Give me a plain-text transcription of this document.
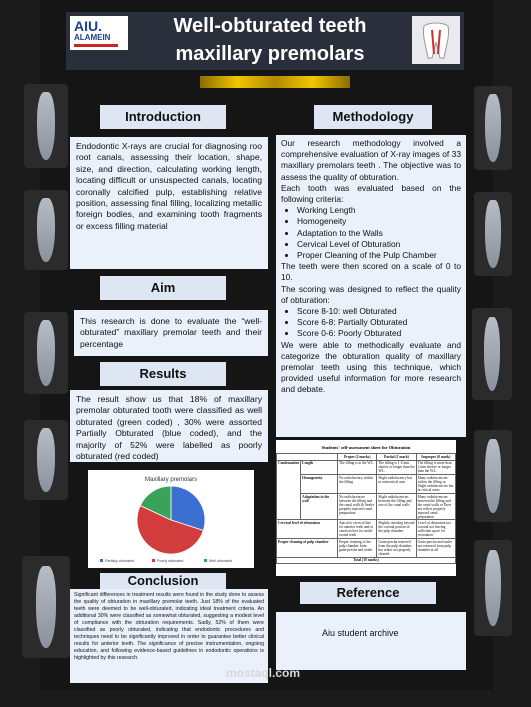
AIU.
ALAMEIN
Well-obturated teeth
maxillary premolars
Introduction
Endodontic X-rays are crucial for diagnosing roo root canals, assessing their location, shape, size, and direction, calculating working length, locating difficult or unsuspected canals, locating coronally calcified pulp, establishing relative position, assessing final filling, localizing metallic foreign bodies, and examining tooth fragments or excess filling material
Aim
This research is done to evaluate the “well- obturated” maxillary premolar teeth and their percentage
Results
The result show us that 18% of maxillary premolar obturated tooth were classified as well obturated (green coded) , 30% were assorted Partially Obturated (blue coded), and the majority of 52% were labelled as poorly obturated (red coded)
Maxillary premolars
Partially obturated	Poorly obturated	Well obturated
Conclusion
Significant differences in treatment results were found in the study done to assess the quality of obturation in maxillary premolar teeth. Just 18% of the evaluated teeth were deemed to be well-obturated, indicating ideal treatment criteria. An additional 30% were classified as somewhat obturated, suggesting a modest level of compliance with the obturation requirements. Sadly, 52% of them were classified as poorly obturated, indicating that endodontic procedures and techniques need to be significantly improved in order to guarantee better clinical results for anterior teeth. The significance of precise instrumentation, ongoing education, and following evidence-based guidelines in endodontic operations is highlighted by this research.
Methodology

Our research methodology involved a comprehensive evaluation of X-ray images of 33 maxillary premolars teeth . The objective was to assess the quality of obturation.

Each tooth was evaluated based on the following criteria:

• Working Length
• Homogeneity
• Adaptation to the Walls
• Cervical Level of Obturation
• Proper Cleaning of the Pulp Chamber

The teeth were then scored on a scale of 0 to 10.

The scoring was designed to reflect the quality of obturation:

• Score 8-10: well Obturated
• Score 6-8: Partially Obturated
• Score 0-6: Poorly Obturated

We were able to methodically evaluate and categorize the obturation quality of maxillary premolar teeth using this technique, which provided useful information for more research and debate.

Students' self-assessment sheet for Obturation
		Proper (2 marks)	Partial (1 mark)	Improper (0 mark)
Condensation	Length	The filling is at the W.L.	The filling is 1-2 mm shorter or longer than the W.L.	The filling is more than 2 mm shorter or longer than the W.L.
	Homogeneity	No radiolucency within the filling	Slight radiolucency but in nonvertical area	Many radiolucencies within the filling or Slight radiolucencies but in critical areas
	Adaptation to the wall	No radiolucencies between the filling and the canal walls & Sealer properly injected canal preparation	Slight radiolucencies between the filling and one of the canal walls	Many radiolucencies between the filling and the canal walls or Does not reflect properly injected canal preparation
Cervical level of obturation		Apical to cervical line for anterior teeth and at canal orifices for multi-rooted teeth	Slightly reaching beyond the coronal portion of the pulp chamber	Level of obturation too coronal not leaving sufficient space for restoration
Proper cleaning of pulp chamber		Proper cleaning of the pulp chamber from gutta-percha and sealer	Gutta-percha removed from the pulp chamber, but sealer not properly cleaned	Gutta-percha and sealer not removed from pulp chamber at all
Total (10 marks)				
Reference
Aiu student archive
mostaql.com
